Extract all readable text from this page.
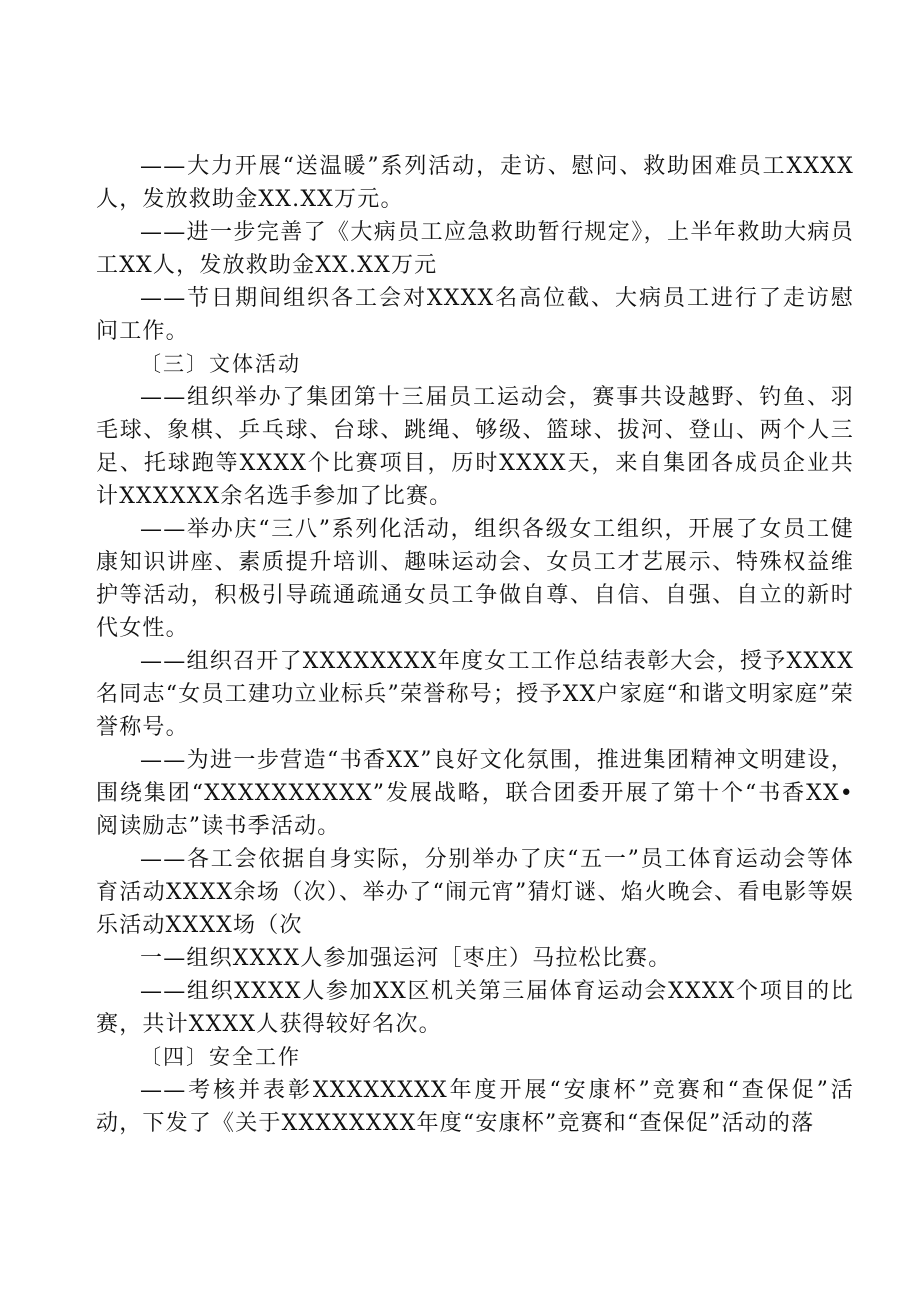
——大力开展“送温暖”系列活动，走访、慰问、救助困难员工XXXX人，发放救助金XX.XX万元。

——进一步完善了《大病员工应急救助暂行规定》，上半年救助大病员工XX人，发放救助金XX.XX万元

——节日期间组织各工会对XXXX名高位截、大病员工进行了走访慰问工作。

〔三〕文体活动

——组织举办了集团第十三届员工运动会，赛事共设越野、钓鱼、羽毛球、象棋、乒乓球、台球、跳绳、够级、篮球、拔河、登山、两个人三足、托球跑等XXXX个比赛项目，历时XXXX天，来自集团各成员企业共计XXXXXX余名选手参加了比赛。

——举办庆“三八”系列化活动，组织各级女工组织，开展了女员工健康知识讲座、素质提升培训、趣味运动会、女员工才艺展示、特殊权益维护等活动，积极引导疏通疏通女员工争做自尊、自信、自强、自立的新时代女性。

——组织召开了XXXXXXXX年度女工工作总结表彰大会，授予XXXX名同志“女员工建功立业标兵”荣誉称号；授予XX户家庭“和谐文明家庭”荣誉称号。

——为进一步营造“书香XX”良好文化氛围，推进集团精神文明建设，围绕集团“XXXXXXXXXX”发展战略，联合团委开展了第十个“书香XX•阅读励志”读书季活动。

——各工会依据自身实际，分别举办了庆“五一”员工体育运动会等体育活动XXXX余场（次）、举办了“闹元宵”猜灯谜、焰火晚会、看电影等娱乐活动XXXX场（次

一—组织XXXX人参加强运河［枣庄）马拉松比赛。

——组织XXXX人参加XX区机关第三届体育运动会XXXX个项目的比赛，共计XXXX人获得较好名次。

〔四〕安全工作

——考核并表彰XXXXXXXX年度开展“安康杯”竞赛和“查保促”活动，下发了《关于XXXXXXXX年度“安康杯”竞赛和“查保促”活动的落
